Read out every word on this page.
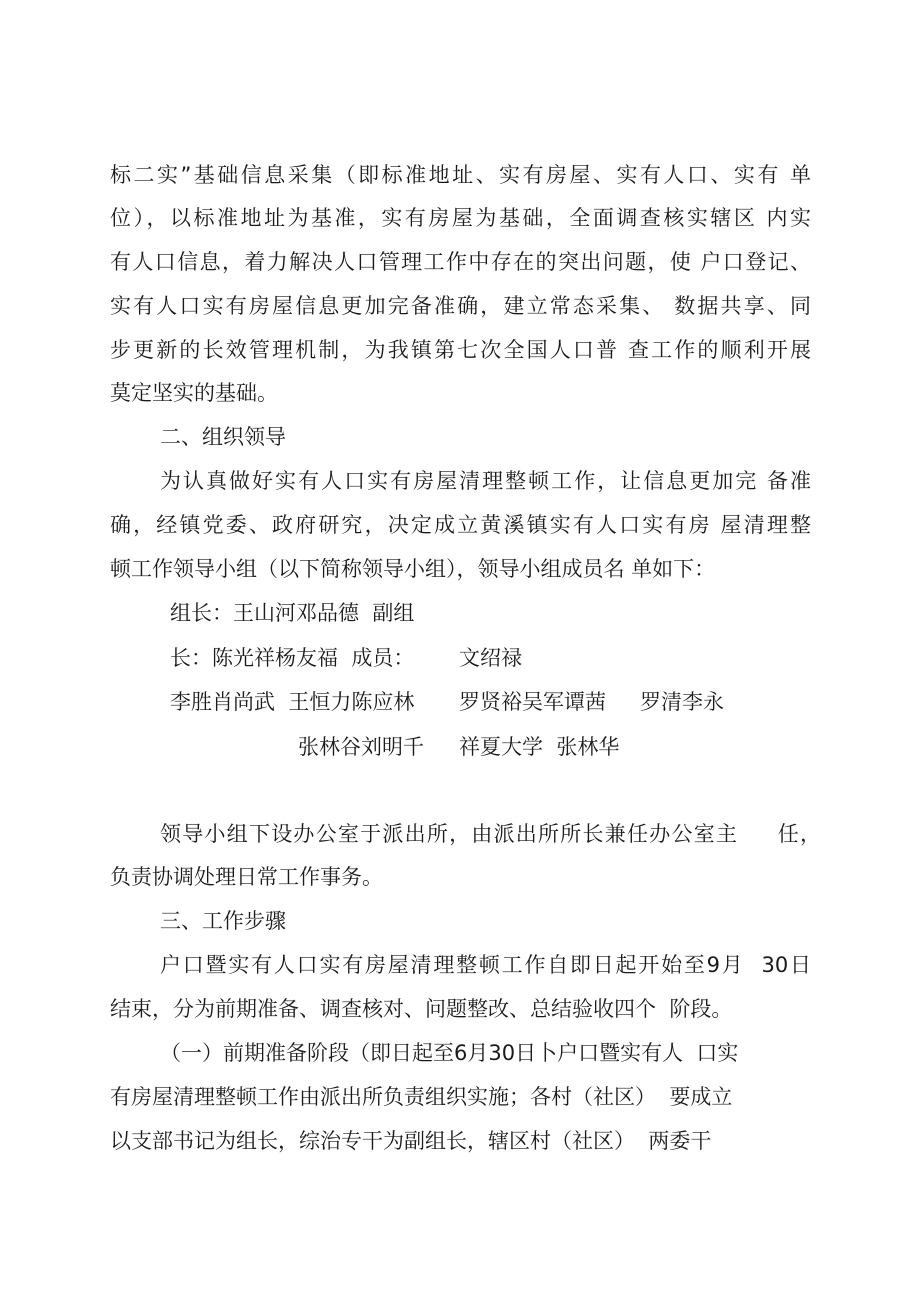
标二实”基础信息采集（即标准地址、实有房屋、实有人口、实有 单

位），以标准地址为基准，实有房屋为基础，全面调查核实辖区 内实

有人口信息，着力解决人口管理工作中存在的突出问题，使 户口登记、

实有人口实有房屋信息更加完备准确，建立常态采集、 数据共享、同

步更新的长效管理机制，为我镇第七次全国人口普 查工作的顺利开展

莫定坚实的基础。

二、组织领导

为认真做好实有人口实有房屋清理整顿工作，让信息更加完 备准

确，经镇党委、政府研究，决定成立黄溪镇实有人口实有房 屋清理整

顿工作领导小组（以下简称领导小组），领导小组成员名 单如下：

组长：王山河邓品德  副组

长：陈光祥杨友福  成员： 文绍禄

李胜肖尚武  王恒力陈应林 罗贤裕吴军谭茜 罗清李永

张林谷刘明千 祥夏大学  张林华

领导小组下设办公室于派出所，由派出所所长兼任办公室主     任，

负责协调处理日常工作事务。

三、工作步骤

户口暨实有人口实有房屋清理整顿工作自即日起开始至9月  30日

结束，分为前期准备、调查核对、问题整改、总结验收四个  阶段。

（一）前期准备阶段（即日起至6月30日卜户口暨实有人  口实

有房屋清理整顿工作由派出所负责组织实施；各村（社区）  要成立

以支部书记为组长，综治专干为副组长，辖区村（社区）  两委干
